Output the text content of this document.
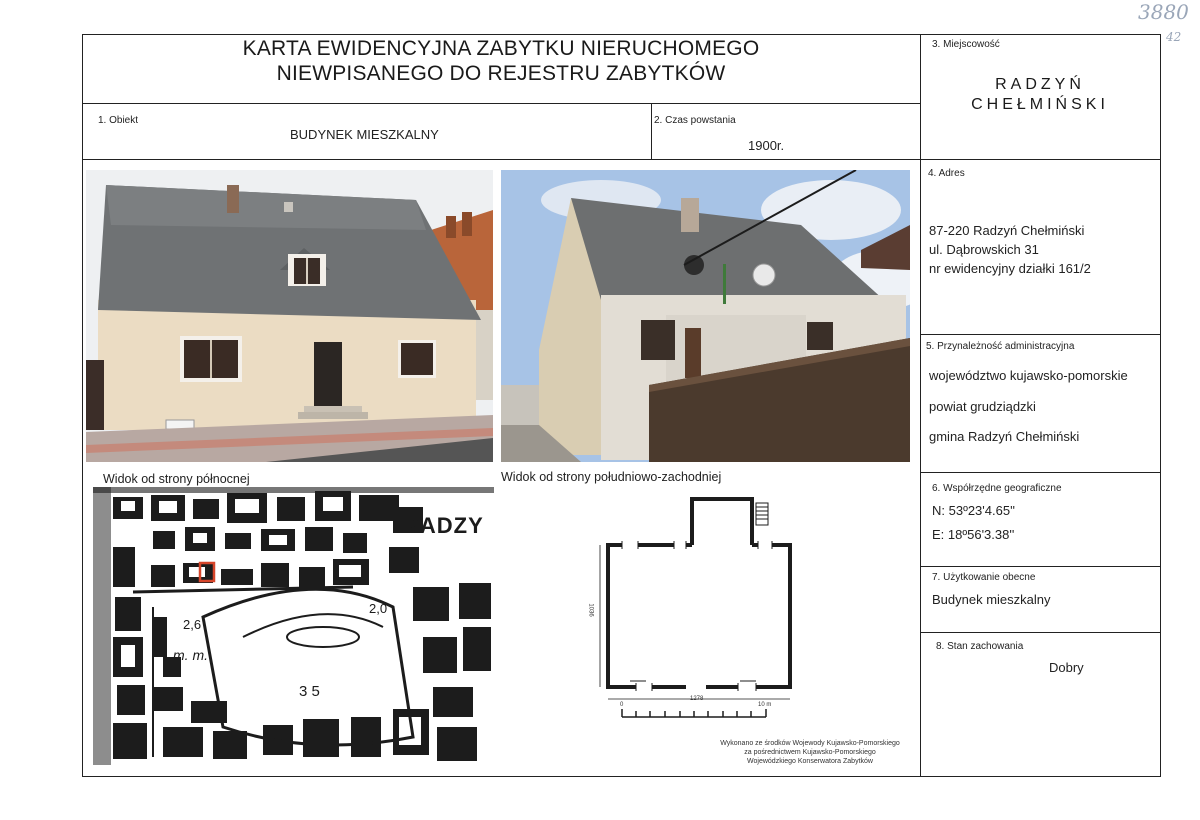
3880
42
KARTA EWIDENCYJNA ZABYTKU NIERUCHOMEGO
NIEWPISANEGO DO REJESTRU ZABYTKÓW
1. Obiekt
BUDYNEK MIESZKALNY
2. Czas powstania
1900r.
3. Miejscowość
RADZYŃ
CHEŁMIŃSKI
4. Adres
87-220 Radzyń Chełmiński
ul. Dąbrowskich 31
nr ewidencyjny działki 161/2
5. Przynależność administracyjna
województwo kujawsko-pomorskie
powiat grudziądzki
gmina Radzyń Chełmiński
6. Współrzędne geograficzne
N: 53º23'4.65''
E: 18º56'3.38''
7. Użytkowanie obecne
Budynek mieszkalny
8. Stan zachowania
Dobry
Widok od strony północnej	Widok od strony południowo-zachodniej
RADZY
2,6
2,0
3 5
m. m.
1036
1278
0	10 m
Wykonano ze środków Wojewody Kujawsko-Pomorskiego
za pośrednictwem Kujawsko-Pomorskiego
Wojewódzkiego Konserwatora Zabytków
